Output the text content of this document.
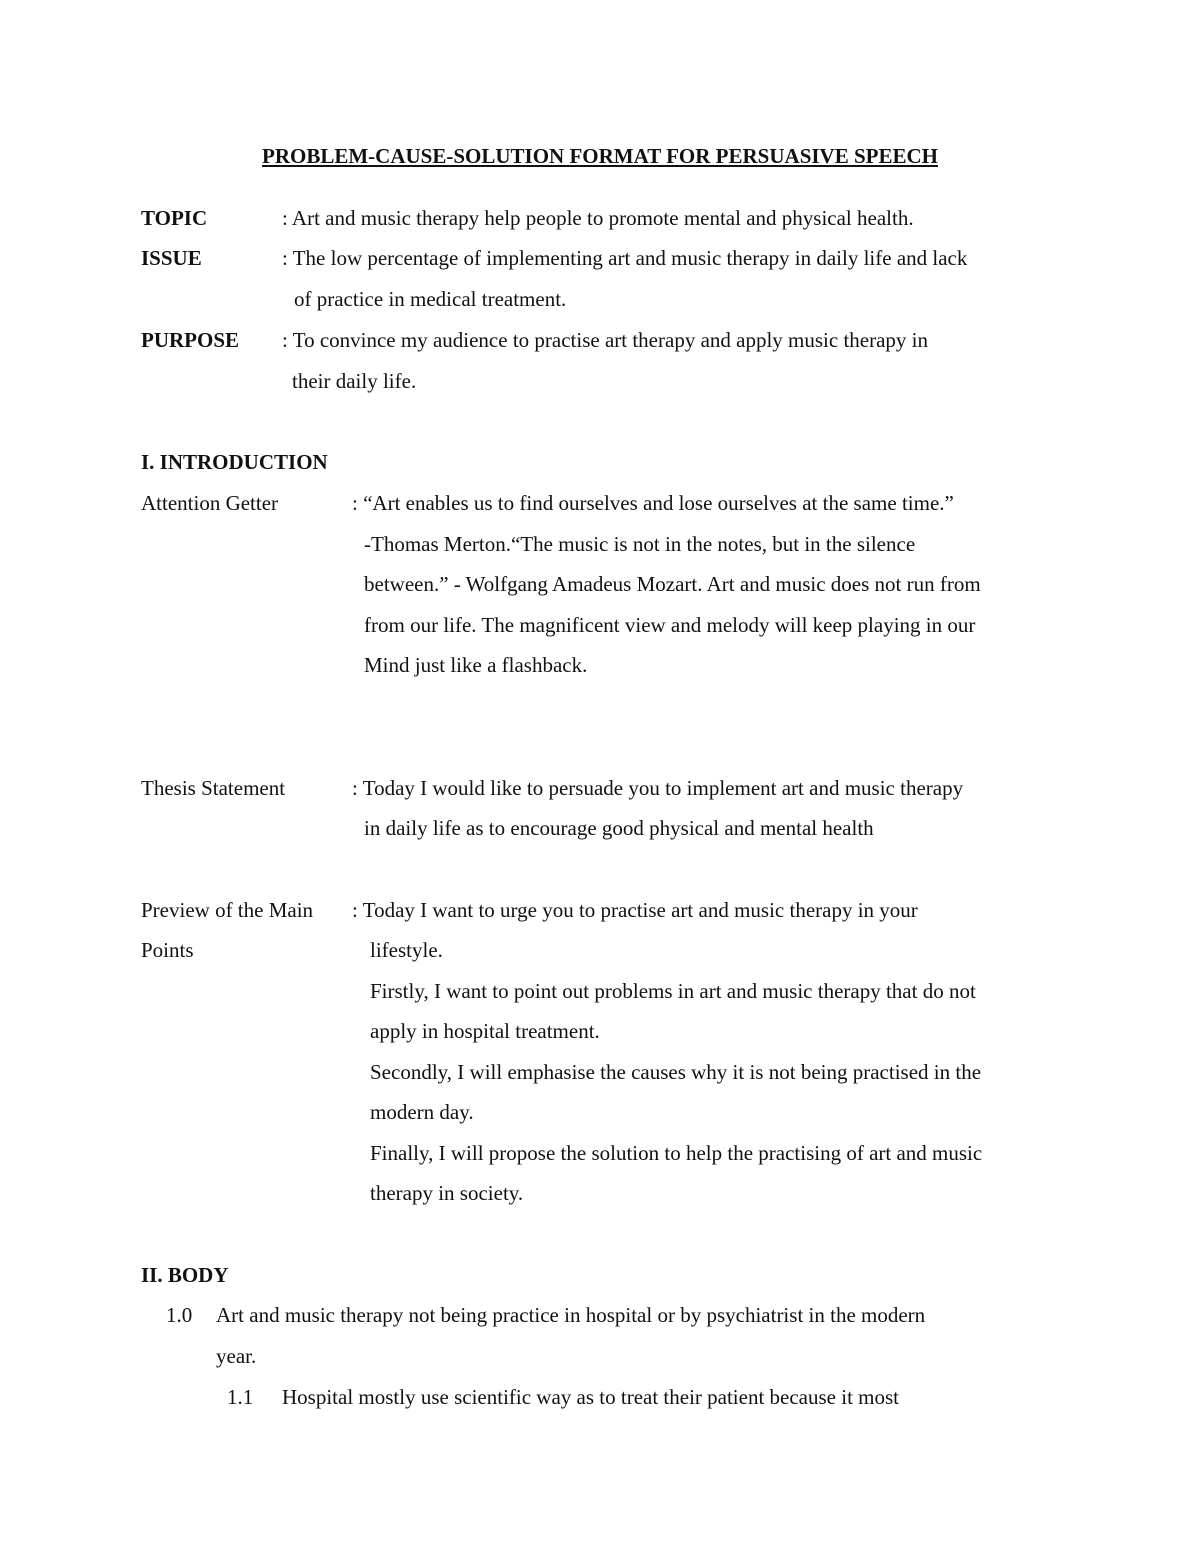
PROBLEM-CAUSE-SOLUTION FORMAT FOR PERSUASIVE SPEECH
TOPIC	: Art and music therapy help people to promote mental and physical health.
ISSUE	: The low percentage of implementing art and music therapy in daily life and lack
of practice in medical treatment.
PURPOSE : To convince my audience to practise art therapy and apply music therapy in
their daily life.
I. INTRODUCTION
Attention Getter	: “Art enables us to find ourselves and lose ourselves at the same time.”
-Thomas Merton.“The music is not in the notes, but in the silence
between.” - Wolfgang Amadeus Mozart. Art and music does not run from
from our life. The magnificent view and melody will keep playing in our
Mind just like a flashback.
Thesis Statement	: Today I would like to persuade you to implement art and music therapy
in daily life as to encourage good physical and mental health
Preview of the Main
Points
: Today I want to urge you to practise art and music therapy in your
lifestyle.
Firstly, I want to point out problems in art and music therapy that do not
apply in hospital treatment.
Secondly, I will emphasise the causes why it is not being practised in the
modern day.
Finally, I will propose the solution to help the practising of art and music
therapy in society.
II. BODY
1.0 Art and music therapy not being practice in hospital or by psychiatrist in the modern
year.
1.1 Hospital mostly use scientific way as to treat their patient because it most
